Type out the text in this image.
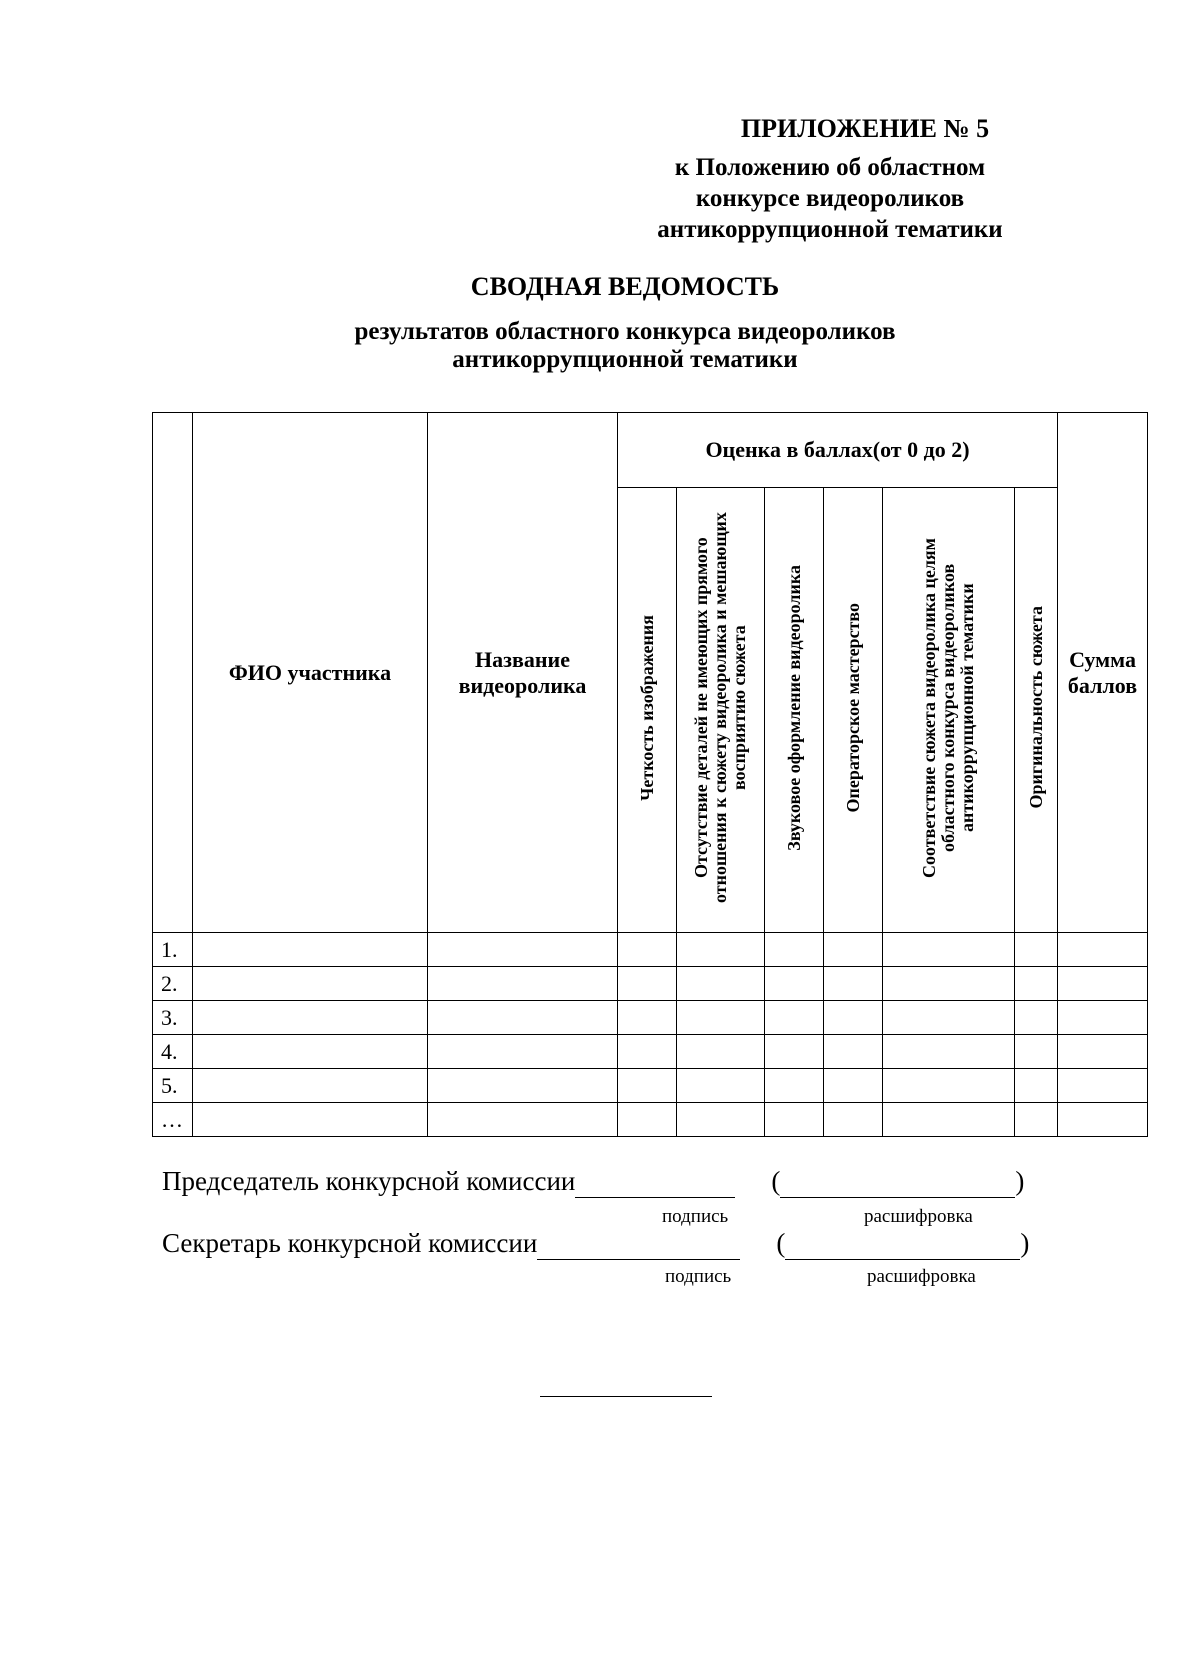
ПРИЛОЖЕНИЕ № 5
к Положению об областном
конкурсе видеороликов
антикоррупционной тематики
СВОДНАЯ ВЕДОМОСТЬ
результатов областного конкурса видеороликов
антикоррупционной тематики
	ФИО участника	Название видеоролика	Оценка в баллах(от 0 до 2)						Сумма баллов
			Четкость изображения	Отсутствие деталей не имеющих прямого отношения к сюжету видеоролика и мешающих восприятию сюжета	Звуковое оформление видеоролика	Операторское мастерство	Соответствие сюжета видеоролика целям областного конкурса видеороликов антикоррупционной тематики	Оригинальность сюжета	
1.									
2.									
3.									
4.									
5.									
…									
Председатель конкурсной комиссии	(	)
подпись	расшифровка
Секретарь конкурсной комиссии	(	)
подпись	расшифровка
